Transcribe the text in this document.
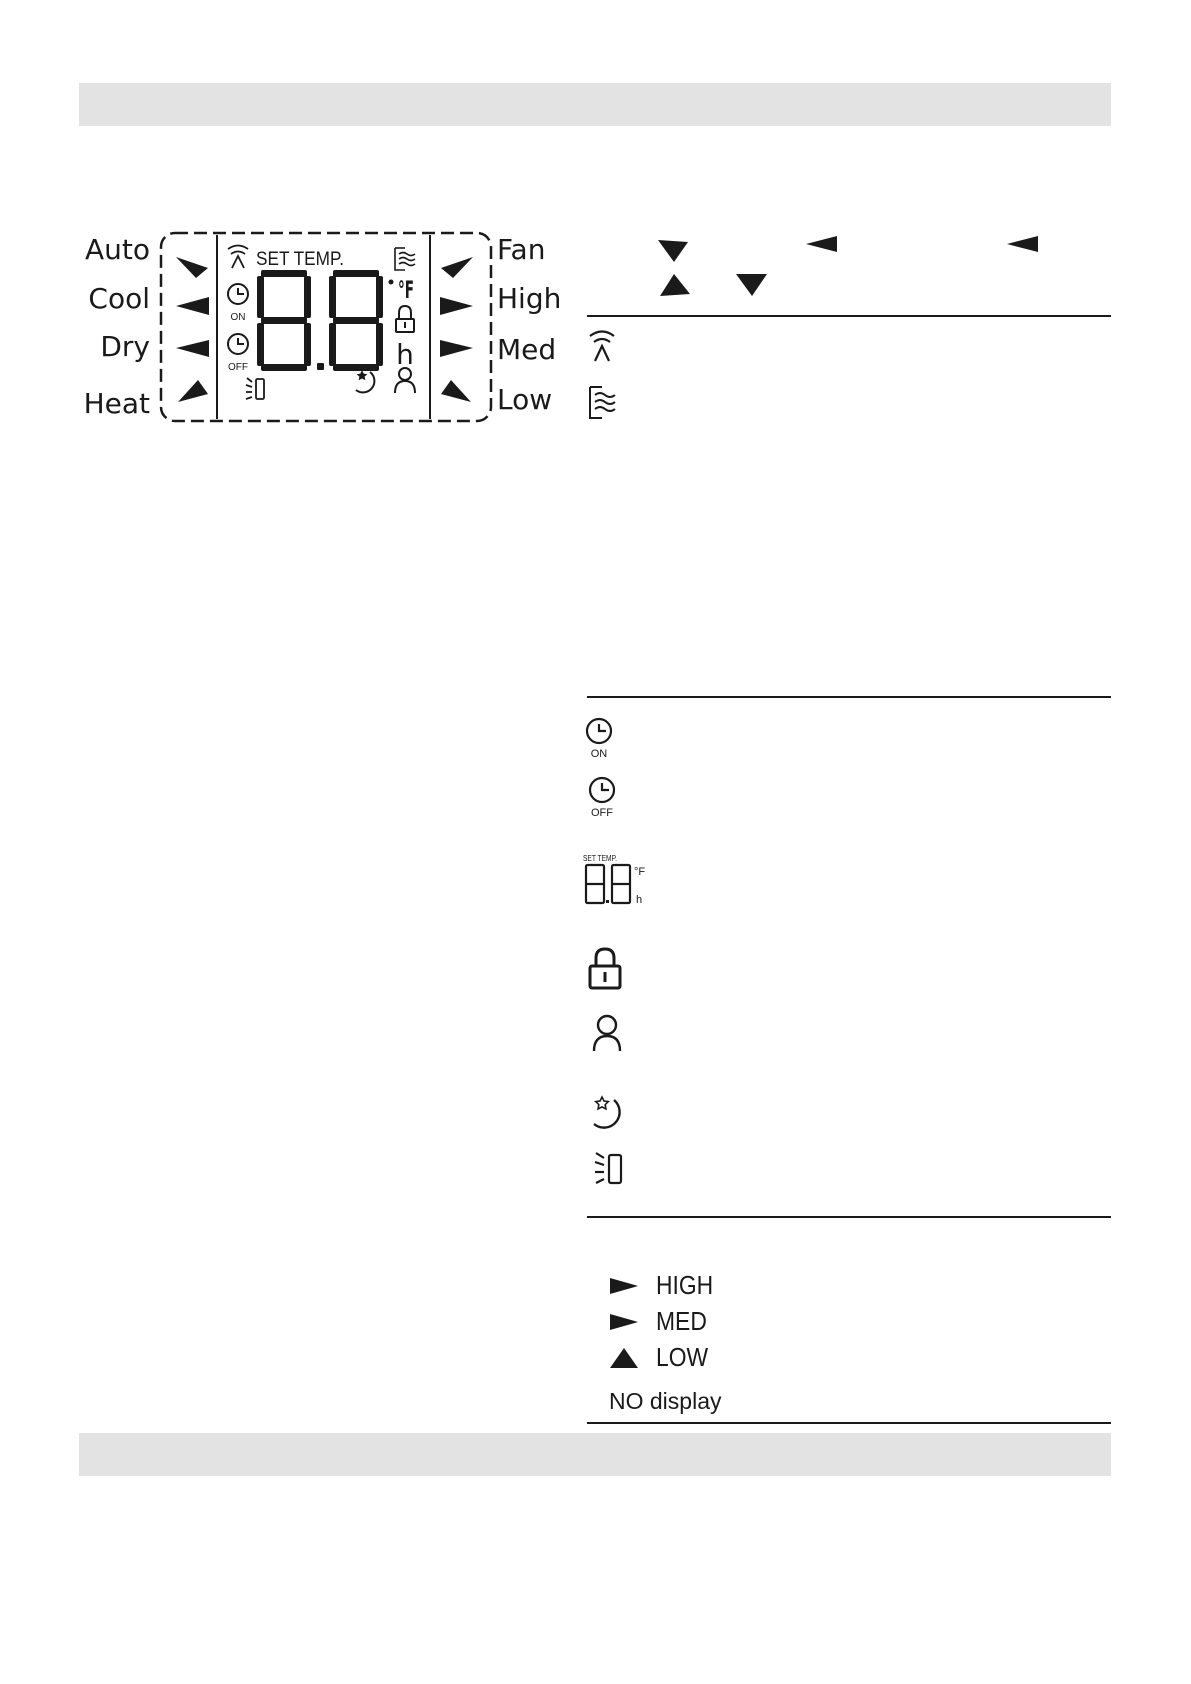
Auto
Cool
Dry
Heat
Fan
High
Med
Low
SET TEMP.
ON
OFF
°F
h
ON
OFF
SET TEMP.
°F
h
HIGH
MED
LOW
NO display
